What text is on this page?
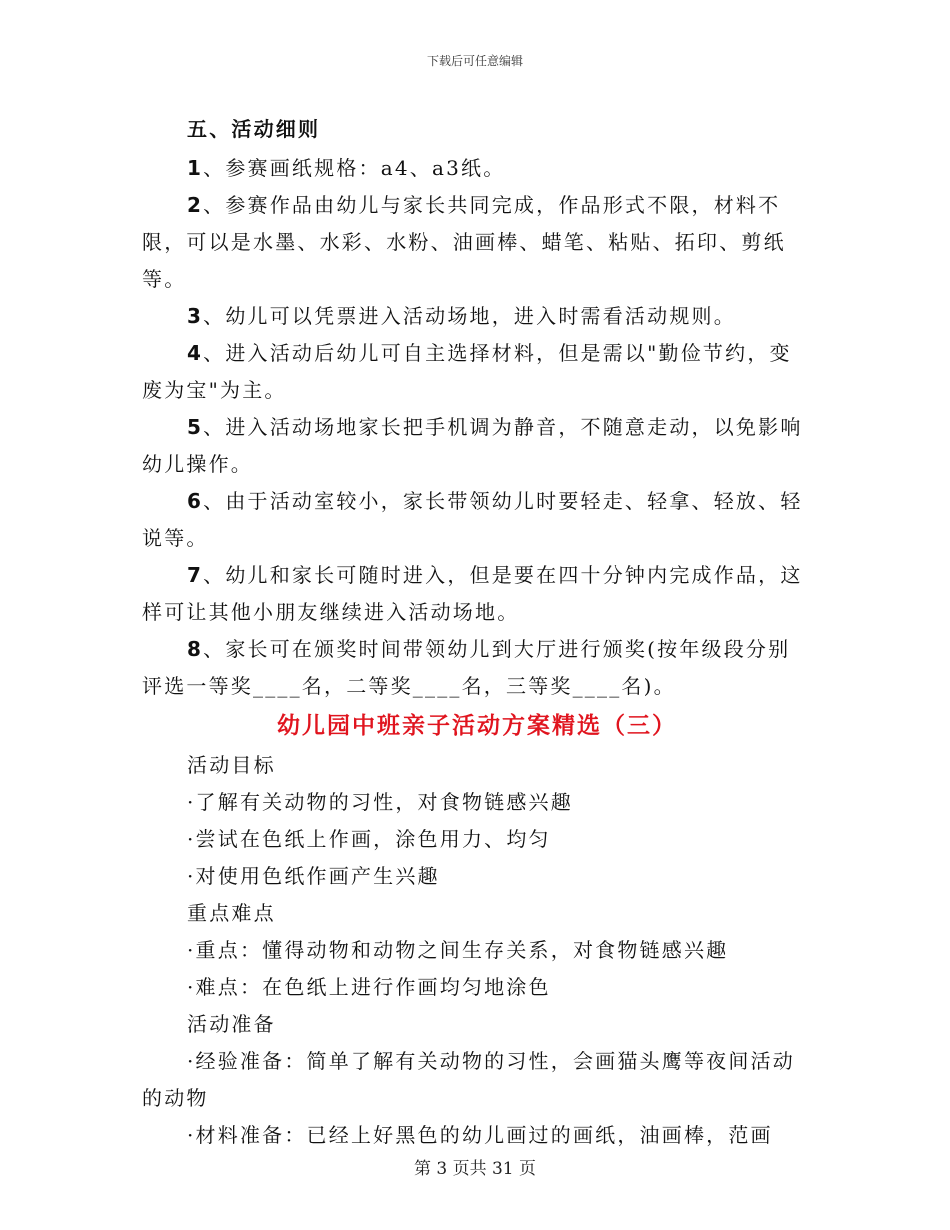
下载后可任意编辑

五、活动细则

1、参赛画纸规格：a4、a3纸。

2、参赛作品由幼儿与家长共同完成，作品形式不限，材料不限，可以是水墨、水彩、水粉、油画棒、蜡笔、粘贴、拓印、剪纸等。

3、幼儿可以凭票进入活动场地，进入时需看活动规则。

4、进入活动后幼儿可自主选择材料，但是需以"勤俭节约，变废为宝"为主。

5、进入活动场地家长把手机调为静音，不随意走动，以免影响幼儿操作。

6、由于活动室较小，家长带领幼儿时要轻走、轻拿、轻放、轻说等。

7、幼儿和家长可随时进入，但是要在四十分钟内完成作品，这样可让其他小朋友继续进入活动场地。

8、家长可在颁奖时间带领幼儿到大厅进行颁奖(按年级段分别评选一等奖____名，二等奖____名，三等奖____名)。

幼儿园中班亲子活动方案精选（三）

活动目标

·了解有关动物的习性，对食物链感兴趣

·尝试在色纸上作画，涂色用力、均匀

·对使用色纸作画产生兴趣

重点难点

·重点：懂得动物和动物之间生存关系，对食物链感兴趣

·难点：在色纸上进行作画均匀地涂色

活动准备

·经验准备：简单了解有关动物的习性，会画猫头鹰等夜间活动的动物

·材料准备：已经上好黑色的幼儿画过的画纸，油画棒，范画

第 3 页共 31 页
